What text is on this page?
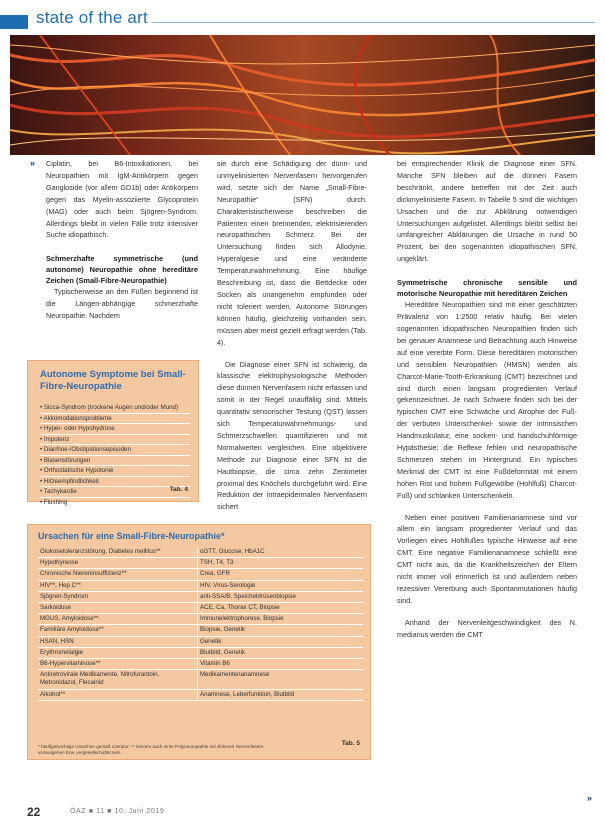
state of the art
» Ciplatin, bei B6-Intoxikationen, bei Neuropathien mit IgM-Antikörpern gegen Gangloside (vor allem GD1b) oder Antikörpern gegen das Myelin-assoziierte Glycoprotein (MAG) oder auch beim Sjögren-Syndrom. Allerdings bleibt in vielen Fälle trotz intensiver Suche idiopathisch.

Schmerzhafte symmetrische (und autonome) Neuropathie ohne hereditäre Zeichen (Small-Fibre-Neuropathie)

Typischerweise an den Füßen beginnend ist die Längen-abhängige schmerzhafte Neuropathie. Nachdem

Autonome Symptome bei Small-Fibre-Neuropathie
• Sicca-Syndrom (trockene Augen und/oder Mund)
• Akkomodationsprobleme
• Hyper- oder Hypohydrose
• Impotenz
• Diarrhoe-/Obstipationsepisoden
• Blasenstörungen
• Orthostatische Hypotonie
• Hitzeempfindlichkeit
• Tachykardie
• Flushing
Tab. 4

sie durch eine Schädigung der dünn- und unmyelinisierten Nervenfasern hervorgerufen wird, setzte sich der Name „Small-Fibre-Neuropathie“ (SFN) durch. Charakteristischerweise beschreiben die Patienten einen brennenden, elektrisierenden neuropathischen Schmerz. Bei der Untersuchung finden sich Allodynie, Hyperalgesie und eine veränderte Temperaturwahrnehmung. Eine häufige Beschreibung ist, dass die Bettdecke oder Socken als unangenehm empfunden oder nicht toleriert werden. Autonome Störungen können häufig, gleichzeitig vorhanden sein, müssen aber meist gezielt erfragt werden (Tab. 4).

Die Diagnose einer SFN ist schwierig, da klassische elektrophysiologische Methoden diese dünnen Nervenfasern nicht erfassen und somit in der Regel unauffällig sind. Mittels quantitativ sensorischer Testung (QST) lassen sich Temperaturwahrnehmungs- und Schmerzschwellen quantifizieren und mit Normalwerten vergleichen. Eine objektivere Methode zur Diagnose einer SFN ist die Hautbiopsie, die circa zehn Zentimeter proximal des Knöchels durchgeführt wird. Eine Reduktion der intraepidermalen Nervenfasern sichert

Ursachen für eine Small-Fibre-Neuropathie*
Glukosetoleranzstörung, Diabetes mellitus**	oGTT, Glucose, HbA1C
Hypothyreose	TSH, T4, T3
Chronische Niereninsuffizienz**	Crea, GFR
HIV**, Hep C**	HIV, Virus-Serologie
Sjögren-Syndrom	anti-SSA/B, Speicheldrüsenbiopsie
Sarkoidose	ACE, Ca, Thorax CT, Biopsie
MGUS, Amyloidose**	Immunelektrophorese, Biopsie
Familiäre Amyloidose**	Biopsie, Genetik
HSAN, HSN	Genetik
Erythromelalgie	Blutbild, Genetik
B6-Hypervitaminose**	Vitamin B6
Antiretrovirale Medikamente, Nitrofurantoin, Metronidazol, Flecainid	Medikamentenanamnese
Alkohol**	Anamnese, Leberfunktion, Blutbild
* häufige/wichtige Ursachen gemäß Literatur; ** können auch einer Polyneuropathie mit dickeren Nervenfasern vorausgehen bzw. vergesellschaftet sein
Tab. 5

bei entsprechender Klinik die Diagnose einer SFN. Manche SFN bleiben auf die dünnen Fasern beschränkt, andere betreffen mit der Zeit auch dickmyelinisierte Fasern. In Tabelle 5 sind die wichtigen Ursachen und die zur Abklärung notwendigen Untersuchungen aufgelistet. Allerdings bleibt selbst bei umfangreicher Abklärungen die Ursache in rund 50 Prozent, bei den sogenannten idiopathischen SFN, ungeklärt.

Symmetrische chronische sensible und motorische Neuropathie mit hereditären Zeichen

Hereditäre Neuropathien sind mit einer geschätzten Prävalenz von 1:2500 relativ häufig. Bei vielen sogenannten idiopathischen Neuropathien finden sich bei genauer Anamnese und Betrachtung auch Hinweise auf eine vererbte Form. Diese hereditären motorischen und sensiblen Neuropathien (HMSN) werden als Charcot-Marie-Tooth-Erkrankung (CMT) bezeichnet und sind durch einen langsam progredienten Verlauf gekennzeichnet. Je nach Schwere finden sich bei der typischen CMT eine Schwäche und Atrophie der Fuß- der verbuten Unterschenkel- sowie der intrinsischen Handmuskulatur, eine socken- und handschuhförmige Hypästhesie; die Reflexe fehlen und neuropathische Schmerzen stehen im Hintergrund. Ein typisches Merkmal der CMT ist eine Fußdeformität mit einem hohen Rist und hohem Fußgewölbe (Hohlfuß) Charcot-Fuß) und schlanken Unterschenkeln.

Neben einer positiven Familienanamnese sind vor allem ein langsam progredienter Verlauf und das Vorliegen eines Hohlfußes typische Hinweise auf eine CMT. Eine negative Familienanamnese schließt eine CMT nicht aus, da die Krankheitszeichen der Eltern nicht immer voll erinnerlich ist und außerdem neben rezessiver Vererbung auch Spontanmutationen häufig sind.

Anhand der Nervenleitgeschwindigkeit des N. medianus werden die CMT

»
22	ÖAZ ■ 11 ■ 10. Juni 2019
